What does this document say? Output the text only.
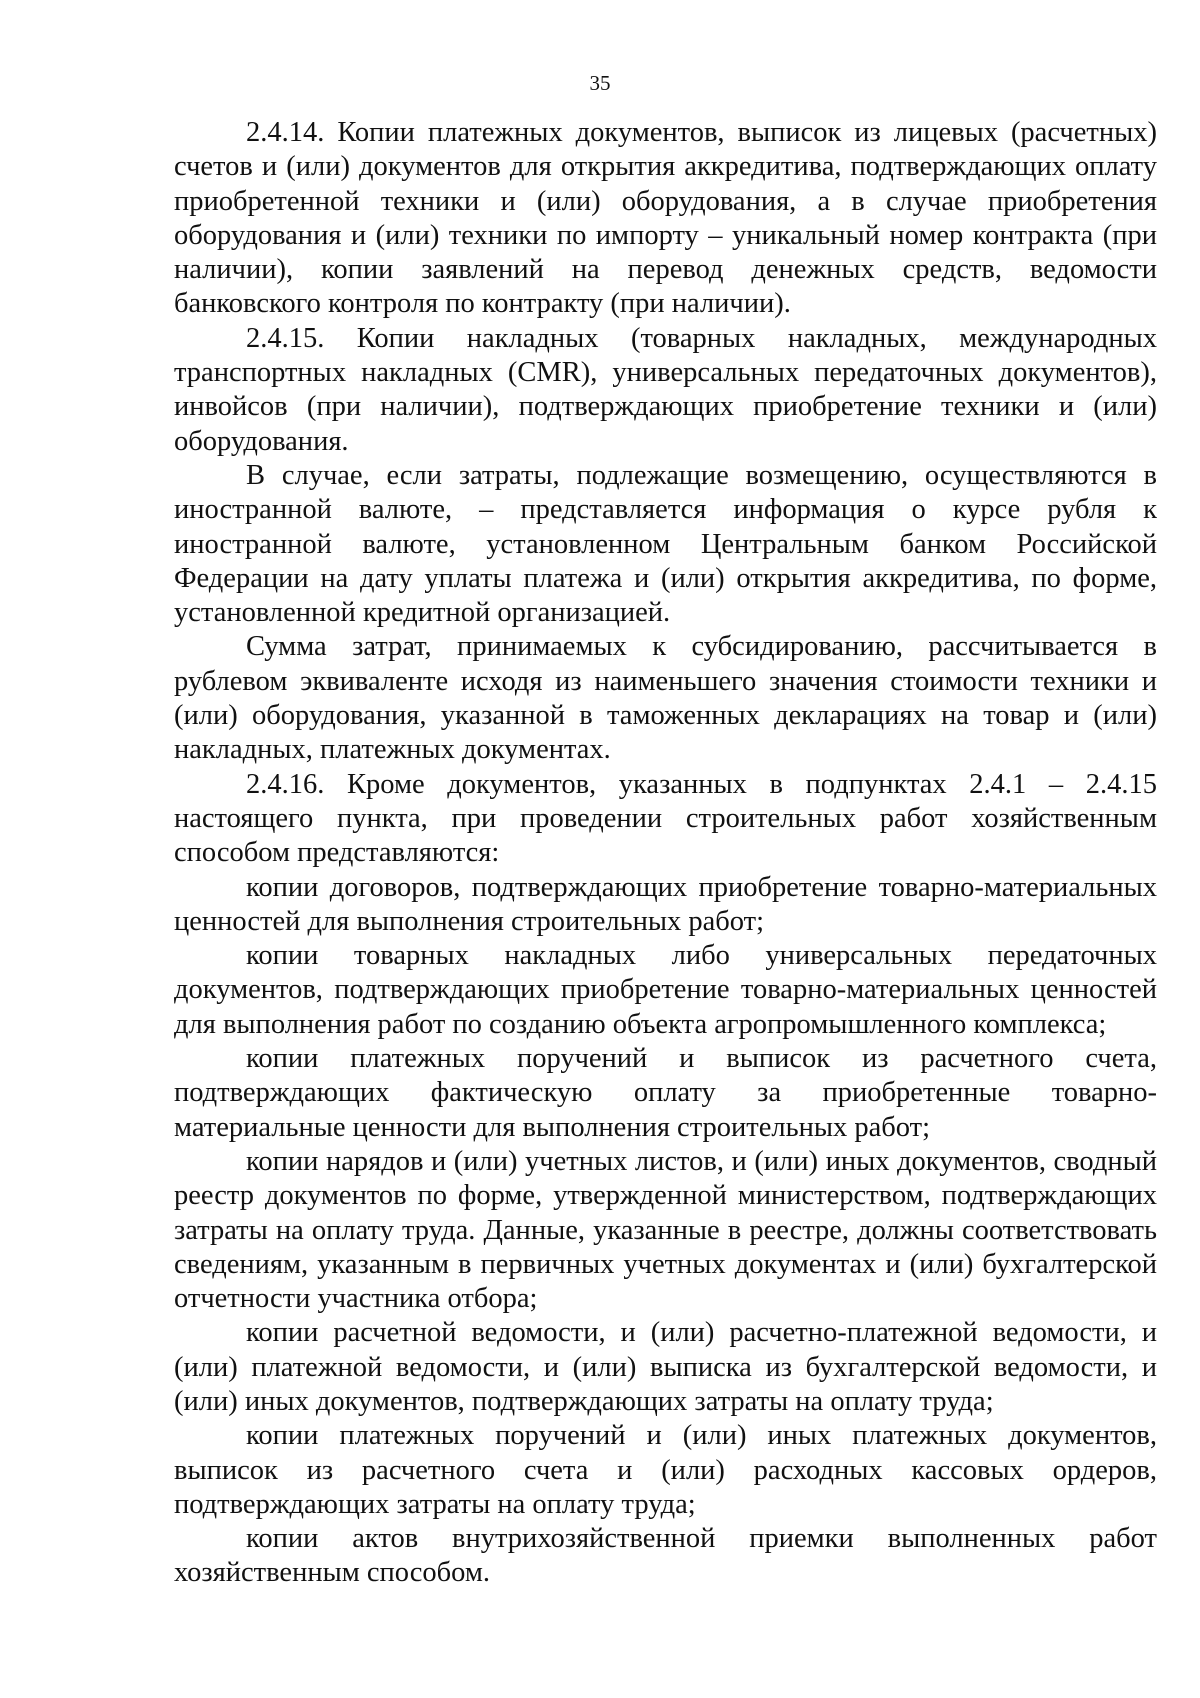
35

2.4.14. Копии платежных документов, выписок из лицевых (расчетных) счетов и (или) документов для открытия аккредитива, подтверждающих оплату приобретенной техники и (или) оборудования, а в случае приобретения оборудования и (или) техники по импорту – уникальный номер контракта (при наличии), копии заявлений на перевод денежных средств, ведомости банковского контроля по контракту (при наличии).

2.4.15. Копии накладных (товарных накладных, международных транспортных накладных (CMR), универсальных передаточных документов), инвойсов (при наличии), подтверждающих приобретение техники и (или) оборудования.

В случае, если затраты, подлежащие возмещению, осуществляются в иностранной валюте, – представляется информация о курсе рубля к иностранной валюте, установленном Центральным банком Российской Федерации на дату уплаты платежа и (или) открытия аккредитива, по форме, установленной кредитной организацией.

Сумма затрат, принимаемых к субсидированию, рассчитывается в рублевом эквиваленте исходя из наименьшего значения стоимости техники и (или) оборудования, указанной в таможенных декларациях на товар и (или) накладных, платежных документах.

2.4.16. Кроме документов, указанных в подпунктах 2.4.1 – 2.4.15 настоящего пункта, при проведении строительных работ хозяйственным способом представляются:

копии договоров, подтверждающих приобретение товарно-материальных ценностей для выполнения строительных работ;

копии товарных накладных либо универсальных передаточных документов, подтверждающих приобретение товарно-материальных ценностей для выполнения работ по созданию объекта агропромышленного комплекса;

копии платежных поручений и выписок из расчетного счета, подтверждающих фактическую оплату за приобретенные товарно-материальные ценности для выполнения строительных работ;

копии нарядов и (или) учетных листов, и (или) иных документов, сводный реестр документов по форме, утвержденной министерством, подтверждающих затраты на оплату труда. Данные, указанные в реестре, должны соответствовать сведениям, указанным в первичных учетных документах и (или) бухгалтерской отчетности участника отбора;

копии расчетной ведомости, и (или) расчетно-платежной ведомости, и (или) платежной ведомости, и (или) выписка из бухгалтерской ведомости, и (или) иных документов, подтверждающих затраты на оплату труда;

копии платежных поручений и (или) иных платежных документов, выписок из расчетного счета и (или) расходных кассовых ордеров, подтверждающих затраты на оплату труда;

копии актов внутрихозяйственной приемки выполненных работ хозяйственным способом.
